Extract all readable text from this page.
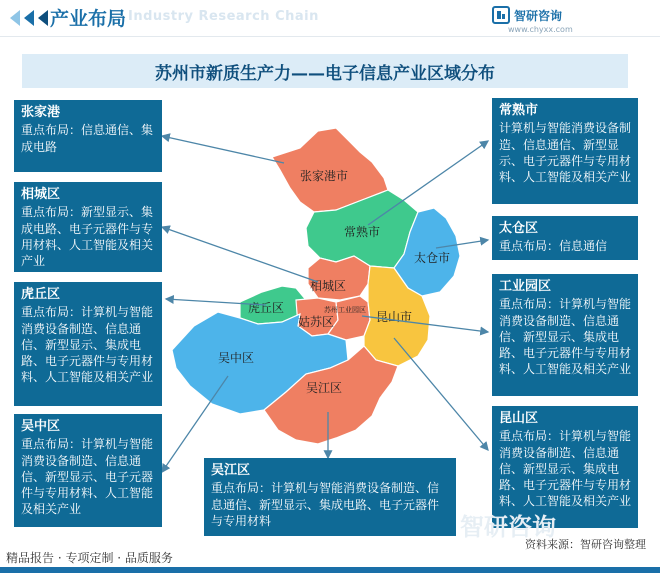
产业布局 Industry Research Chain	智研咨询
www.chyxx.com
苏州市新质生产力——电子信息产业区域分布
张家港市
常熟市
太仓市
相城区
虎丘区
姑苏区
苏州工业园区 昆山市
吴中区
吴江区
张家港
重点布局：信息通信、集成电路
相城区
重点布局：新型显示、集成电路、电子元器件与专用材料、人工智能及相关产业
虎丘区
重点布局：计算机与智能消费设备制造、信息通信、新型显示、集成电路、电子元器件与专用材料、人工智能及相关产业
吴中区
重点布局：计算机与智能消费设备制造、信息通信、新型显示、电子元器件与专用材料、人工智能及相关产业
吴江区
重点布局：计算机与智能消费设备制造、信息通信、新型显示、集成电路、电子元器件与专用材料
常熟市
计算机与智能消费设备制造、信息通信、新型显示、电子元器件与专用材料、人工智能及相关产业
太仓区
重点布局：信息通信
工业园区
重点布局：计算机与智能消费设备制造、信息通信、新型显示、集成电路、电子元器件与专用材料、人工智能及相关产业
昆山区
重点布局：计算机与智能消费设备制造、信息通信、新型显示、集成电路、电子元器件与专用材料、人工智能及相关产业
智研咨询
精品报告 · 专项定制 · 品质服务
资料来源：智研咨询整理
